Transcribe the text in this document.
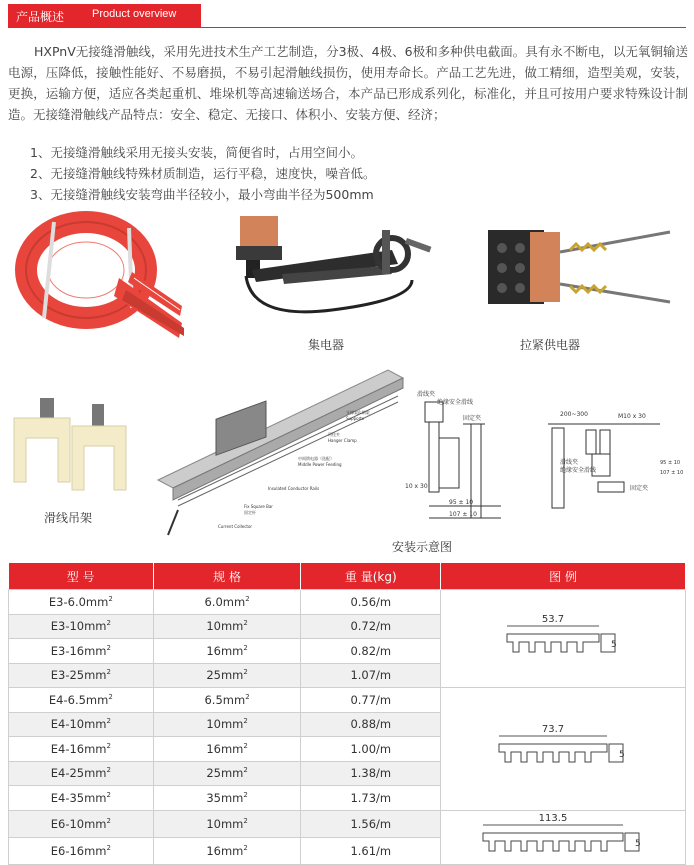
产品概述	Product overview

HXPnV无接缝滑触线，采用先进技术生产工艺制造，分3极、4极、6极和多种供电截面。具有永不断电，以无氧铜输送电源，压降低，接触性能好、不易磨损，不易引起滑触线损伤，使用寿命长。产品工艺先进，做工精细，造型美观，安装，更换，运输方便，适应各类起重机、堆垛机等高速输送场合，本产品已形成系列化，标准化，并且可按用户要求特殊设计制造。无接缝滑触线产品特点：安全、稳定、无接口、体积小、安装方便、经济；

1、无接缝滑触线采用无接头安装，简便省时，占用空间小。
2、无接缝滑触线特殊材质制造，运行平稳，速度快，噪音低。
3、无接缝滑触线安装弯曲半径较小，最小弯曲半径为500mm
集电器	拉紧供电器
滑线吊架
支撑架/L钢架
Supports
吊挂夹
Hanger Clamp
中间馈电器（选配）
Middle Power Feeding
Insulated Conductor Rails
Fix Square Bar
固定杆
Current Collector
滑线夹
绝缘安全滑线
固定夹
10 x 30
95 ± 10
107 ± 10
200~300	M10 x 30
滑线夹
绝缘安全滑线
固定夹
95 ± 10
107 ± 10
安装示意图
型 号	规 格	重 量(kg)	图 例
$E3-6.0mm^2$	$6.0mm^2$	0.56/m	53.7
5

$E3-10mm^2$	$10mm^2$	0.72/m	
$E3-16mm^2$	$16mm^2$	0.82/m	
$E3-25mm^2$	$25mm^2$	1.07/m	
$E4-6.5mm^2$	$6.5mm^2$	0.77/m	73.7
5

$E4-10mm^2$	$10mm^2$	0.88/m	
$E4-16mm^2$	$16mm^2$	1.00/m	
$E4-25mm^2$	$25mm^2$	1.38/m	
$E4-35mm^2$	$35mm^2$	1.73/m	
$E6-10mm^2$	$10mm^2$	1.56/m	113.5
5

$E6-16mm^2$	$16mm^2$	1.61/m	
